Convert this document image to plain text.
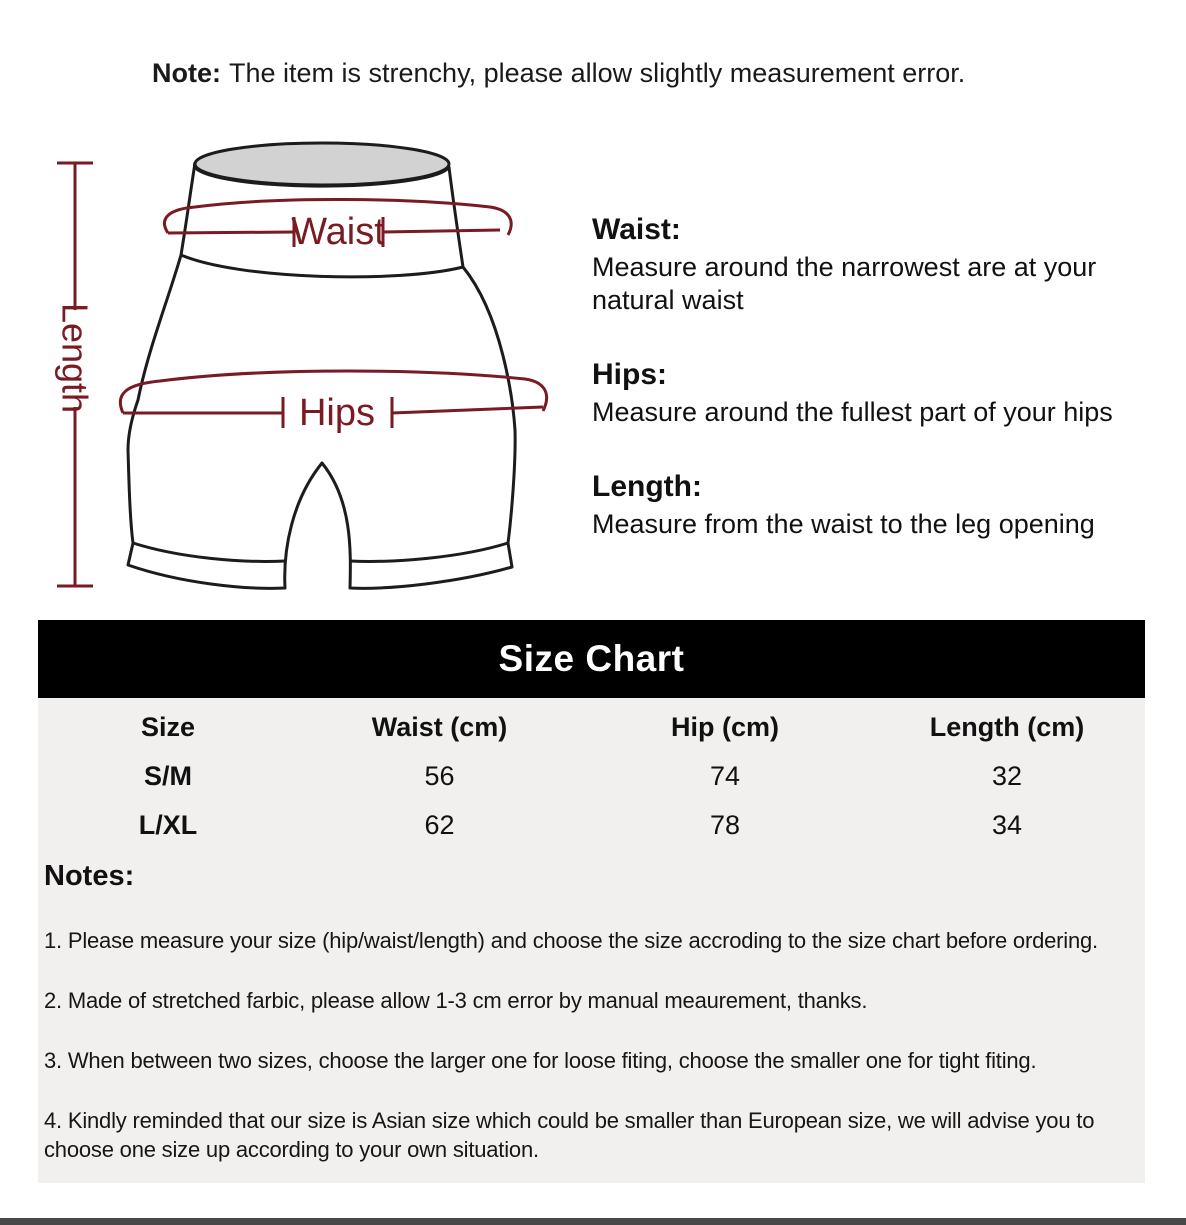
Note: The item is strenchy, please allow slightly measurement error.
Waist
Hips
Length
Waist:

Measure around the narrowest are at your natural waist

Hips:

Measure around the fullest part of your hips

Length:

Measure from the waist to the leg opening

Size Chart
Size	Waist (cm)	Hip (cm)	Length (cm)
S/M	56	74	32
L/XL	62	78	34
Notes:

1. Please measure your size (hip/waist/length) and choose the size accroding to the size chart before ordering.

2. Made of stretched farbic, please allow 1-3 cm error by manual meaurement, thanks.

3. When between two sizes, choose the larger one for loose fiting, choose the smaller one for tight fiting.

4. Kindly reminded that our size is Asian size which could be smaller than European size, we will advise you to choose one size up according to your own situation.
